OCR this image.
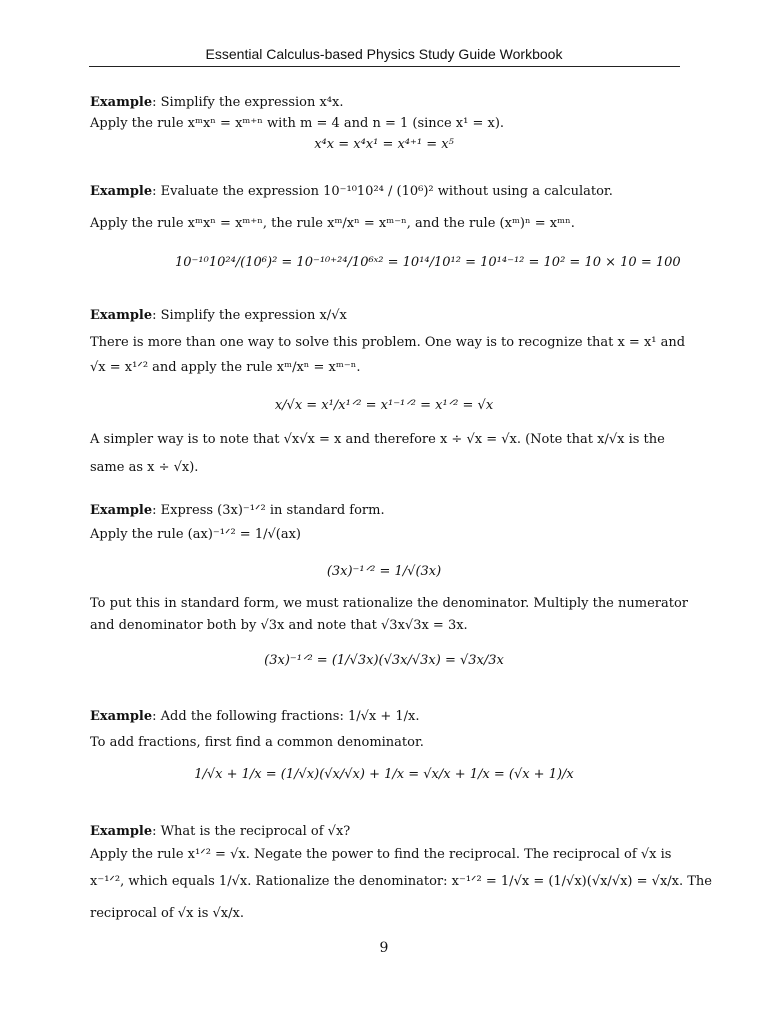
Essential Calculus-based Physics Study Guide Workbook
Example: Simplify the expression x⁴x.
Apply the rule xᵐxⁿ = xᵐ⁺ⁿ with m = 4 and n = 1 (since x¹ = x).
x⁴x = x⁴x¹ = x⁴⁺¹ = x⁵
Example: Evaluate the expression 10⁻¹⁰10²⁴ / (10⁶)² without using a calculator.
Apply the rule xᵐxⁿ = xᵐ⁺ⁿ, the rule xᵐ/xⁿ = xᵐ⁻ⁿ, and the rule (xᵐ)ⁿ = xᵐⁿ.
10⁻¹⁰10²⁴/(10⁶)² = 10⁻¹⁰⁺²⁴/10⁶ˣ² = 10¹⁴/10¹² = 10¹⁴⁻¹² = 10² = 10 × 10 = 100
Example: Simplify the expression x/√x
There is more than one way to solve this problem. One way is to recognize that x = x¹ and
√x = x¹ᐟ² and apply the rule xᵐ/xⁿ = xᵐ⁻ⁿ.
x/√x = x¹/x¹ᐟ² = x¹⁻¹ᐟ² = x¹ᐟ² = √x
A simpler way is to note that √x√x = x and therefore x ÷ √x = √x. (Note that x/√x is the
same as x ÷ √x).
Example: Express (3x)⁻¹ᐟ² in standard form.
Apply the rule (ax)⁻¹ᐟ² = 1/√(ax)
(3x)⁻¹ᐟ² = 1/√(3x)
To put this in standard form, we must rationalize the denominator. Multiply the numerator
and denominator both by √3x and note that √3x√3x = 3x.
(3x)⁻¹ᐟ² = (1/√3x)(√3x/√3x) = √3x/3x
Example: Add the following fractions: 1/√x + 1/x.
To add fractions, first find a common denominator.
1/√x + 1/x = (1/√x)(√x/√x) + 1/x = √x/x + 1/x = (√x + 1)/x
Example: What is the reciprocal of √x?
Apply the rule x¹ᐟ² = √x. Negate the power to find the reciprocal. The reciprocal of √x is
x⁻¹ᐟ², which equals 1/√x. Rationalize the denominator: x⁻¹ᐟ² = 1/√x = (1/√x)(√x/√x) = √x/x. The
reciprocal of √x is √x/x.
9
